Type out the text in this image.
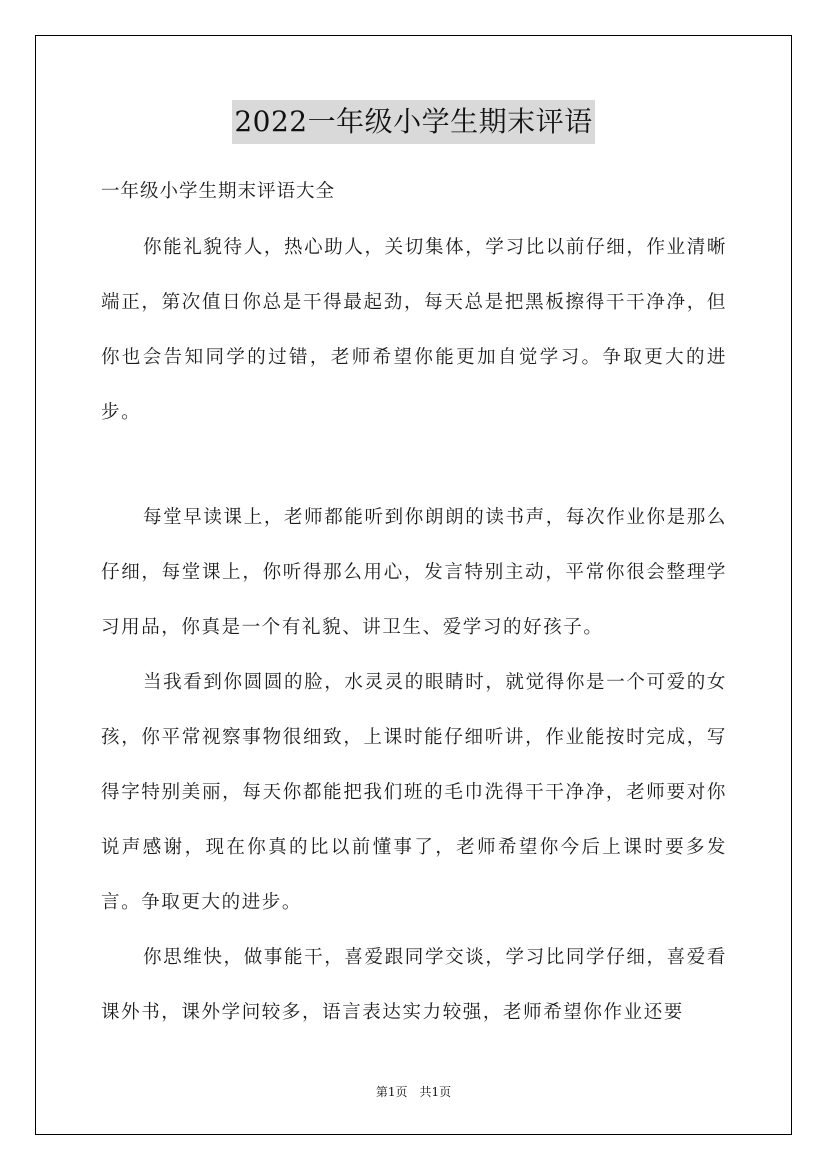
2022一年级小学生期末评语
一年级小学生期末评语大全

你能礼貌待人，热心助人，关切集体，学习比以前仔细，作业清晰端正，第次值日你总是干得最起劲，每天总是把黑板擦得干干净净，但你也会告知同学的过错，老师希望你能更加自觉学习。争取更大的进步。

每堂早读课上，老师都能听到你朗朗的读书声，每次作业你是那么仔细，每堂课上，你听得那么用心，发言特别主动，平常你很会整理学习用品，你真是一个有礼貌、讲卫生、爱学习的好孩子。

当我看到你圆圆的脸，水灵灵的眼睛时，就觉得你是一个可爱的女孩，你平常视察事物很细致，上课时能仔细听讲，作业能按时完成，写得字特别美丽，每天你都能把我们班的毛巾洗得干干净净，老师要对你说声感谢，现在你真的比以前懂事了，老师希望你今后上课时要多发言。争取更大的进步。

你思维快，做事能干，喜爱跟同学交谈，学习比同学仔细，喜爱看课外书，课外学问较多，语言表达实力较强，老师希望你作业还要

第1页　共1页
